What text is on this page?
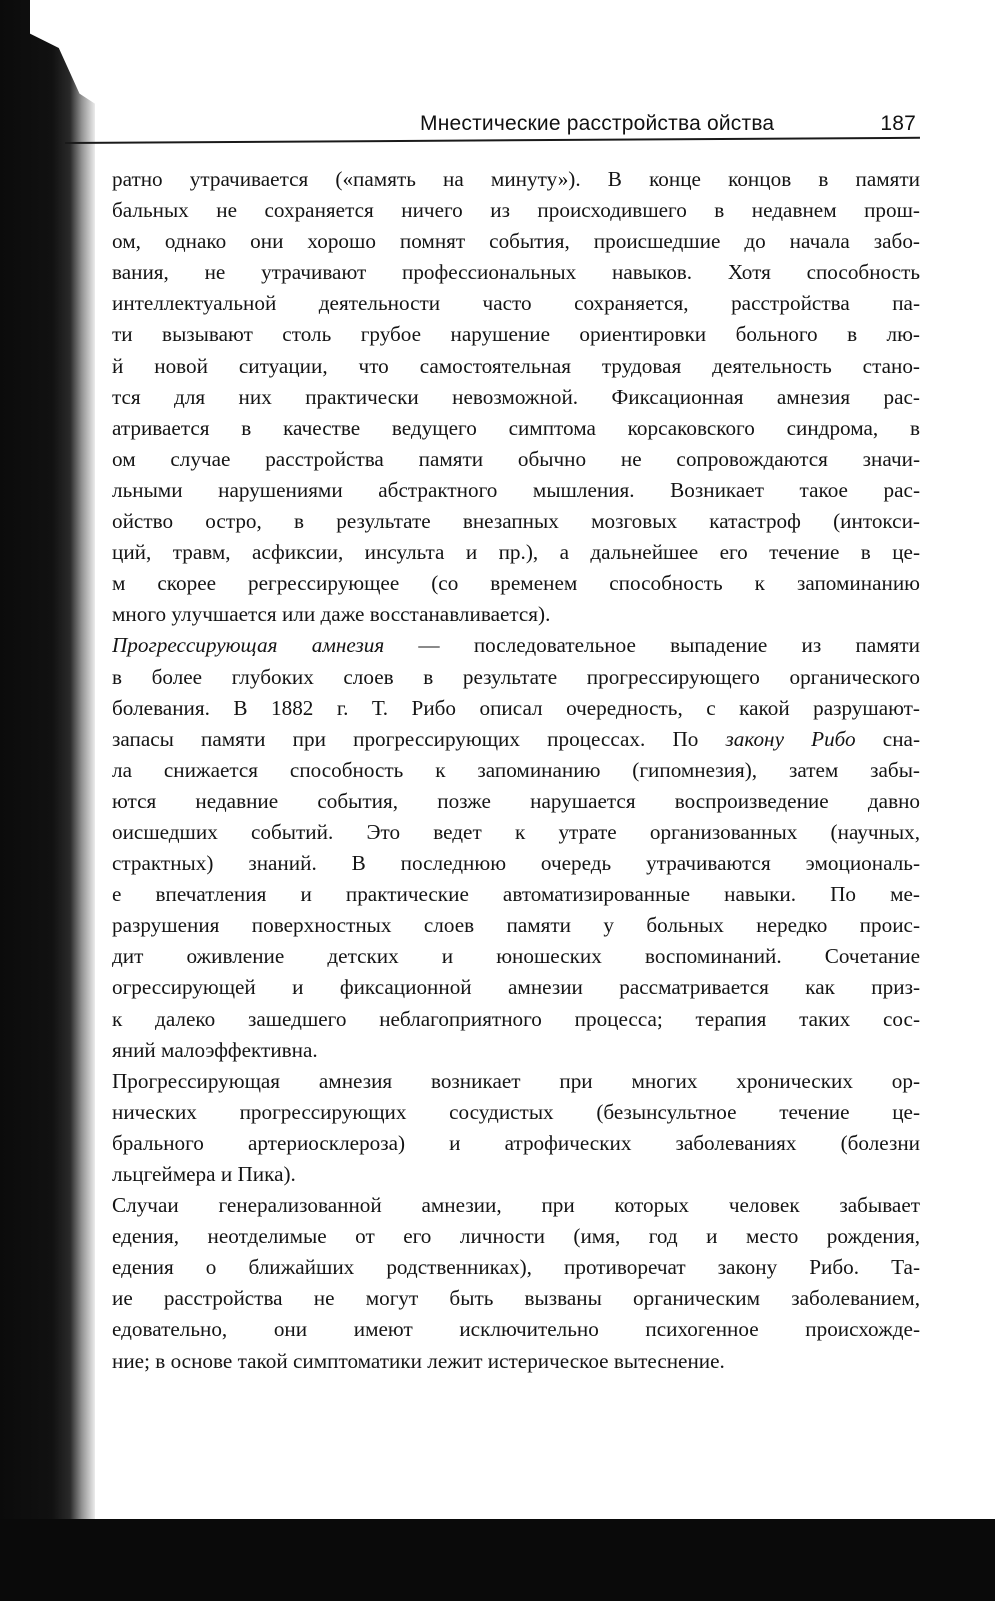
Мнестические расстройства ойства	187
ратно утрачивается («память на минуту»). В конце концов в памяти
бальных не сохраняется ничего из происходившего в недавнем прош-
ом, однако они хорошо помнят события, происшедшие до начала забо-
вания, не утрачивают профессиональных навыков. Хотя способность
интеллектуальной деятельности часто сохраняется, расстройства па-
ти вызывают столь грубое нарушение ориентировки больного в лю-
й новой ситуации, что самостоятельная трудовая деятельность стано-
тся для них практически невозможной. Фиксационная амнезия рас-
атривается в качестве ведущего симптома корсаковского синдрома, в
ом случае расстройства памяти обычно не сопровождаются значи-
льными нарушениями абстрактного мышления. Возникает такое рас-
ойство остро, в результате внезапных мозговых катастроф (интокси-
ций, травм, асфиксии, инсульта и пр.), а дальнейшее его течение в це-
м скорее регрессирующее (со временем способность к запоминанию
много улучшается или даже восстанавливается).
Прогрессирующая амнезия — последовательное выпадение из памяти
в более глубоких слоев в результате прогрессирующего органического
болевания. В 1882 г. Т. Рибо описал очередность, с какой разрушают-
запасы памяти при прогрессирующих процессах. По закону Рибо сна-
ла снижается способность к запоминанию (гипомнезия), затем забы-
ются недавние события, позже нарушается воспроизведение давно
оисшедших событий. Это ведет к утрате организованных (научных,
страктных) знаний. В последнюю очередь утрачиваются эмоциональ-
е впечатления и практические автоматизированные навыки. По ме-
разрушения поверхностных слоев памяти у больных нередко проис-
дит оживление детских и юношеских воспоминаний. Сочетание
огрессирующей и фиксационной амнезии рассматривается как приз-
к далеко зашедшего неблагоприятного процесса; терапия таких сос-
яний малоэффективна.
Прогрессирующая амнезия возникает при многих хронических ор-
нических прогрессирующих сосудистых (безынсультное течение це-
брального артериосклероза) и атрофических заболеваниях (болезни
льцгеймера и Пика).
Случаи генерализованной амнезии, при которых человек забывает
едения, неотделимые от его личности (имя, год и место рождения,
едения о ближайших родственниках), противоречат закону Рибо. Та-
ие расстройства не могут быть вызваны органическим заболеванием,
едовательно, они имеют исключительно психогенное происхожде-
ние; в основе такой симптоматики лежит истерическое вытеснение.
